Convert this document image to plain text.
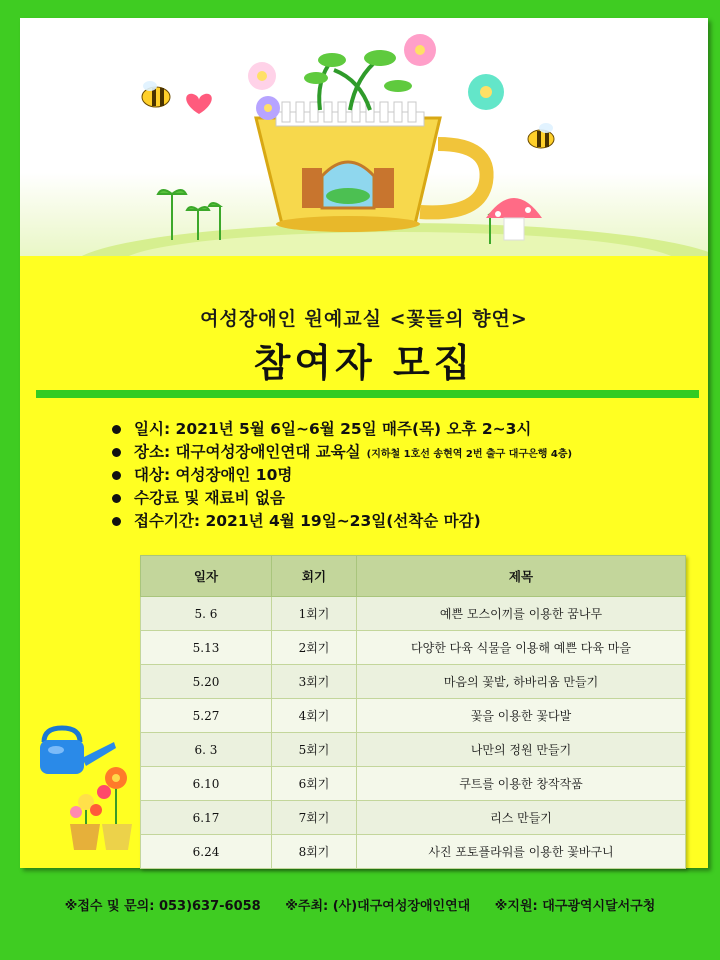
여성장애인 원예교실 <꽃들의 향연>
참여자 모집
일시: 2021년 5월 6일~6월 25일 매주(목) 오후 2~3시
장소: 대구여성장애인연대 교육실 (지하철 1호선 송현역 2번 출구 대구은행 4층)
대상: 여성장애인 10명
수강료 및 재료비 없음
접수기간: 2021년 4월 19일~23일(선착순 마감)
일자	회기	제목
5. 6	1회기	예쁜 모스이끼를 이용한 꿈나무
5.13	2회기	다양한 다육 식물을 이용해 예쁜 다육 마을
5.20	3회기	마음의 꽃밭, 하바리움 만들기
5.27	4회기	꽃을 이용한 꽃다발
6. 3	5회기	나만의 정원 만들기
6.10	6회기	쿠트를 이용한 창작작품
6.17	7회기	리스 만들기
6.24	8회기	사진 포토플라워를 이용한 꽃바구니
※접수 및 문의: 053)637-6058 ※주최: (사)대구여성장애인연대 ※지원: 대구광역시달서구청
